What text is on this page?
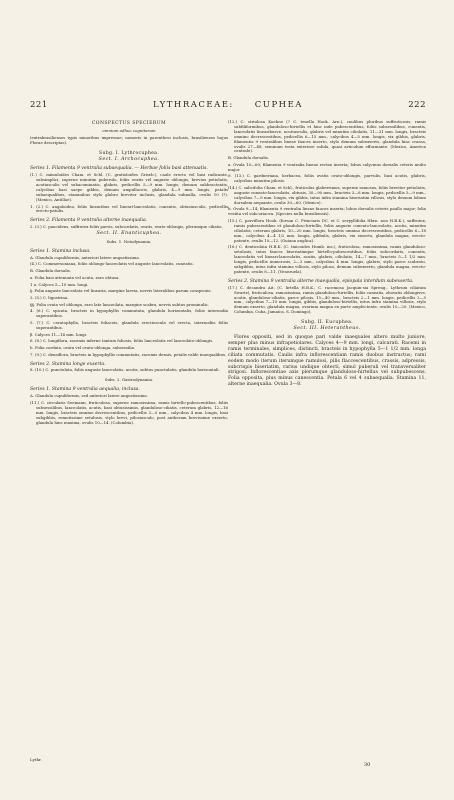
221	LYTHRACEAE: CUPHEA	222
CONSPECTUS SPECIERUM
omnium adhuc cognitarum

(extrabrasilienses typis minoribus impressae; numeris in parenthesi inclusis, brasilienses hujus Florae descriptas).

Subg. I. Lythrocuphea.
Sect. I. Archocuphea.
Series 1. Filamenta 9 ventralia subaequalia. — Herbae foliis basi attenuatis.

(1.) C. mimuloides Cham. et Schl. (C. gratioloides Griseb.), caule erecto vel basi radicante, subsimplici, superne minutim puberulo, foliis ovatis vel anguste oblongis, brevius petiolatis, acutiusculis vel subacuminatis, glabris, pedicellis 5—9 mm. longis, demum subbracteatis, calycibus basi saepe gibbis, demum ampullaceis, glabris, 4—9 mm. longis, petalis subaequalibus, staminibus stylo glabro breviter inclusis, glandula subnulla, ovulis 10 (?). (Mexico, Antillae).

1. (2.) C. angaloidea, foliis linearibus vel lineari-lanceolatis, cuneatis, obtusiusculis, pedicellis erecto-patulis.

Series 2. Filamenta 9 ventralia alterne inaequalia.

2. (3.) C. paucidens, suffrutex foliis parvis, subcordatis, ovatis, ovato-oblongis, plerumque ciliatis.

Sect. II. Enanticuphea.
Subs. 1. Notodynamia.
Series 1. Stamina inclusa.

A. Glandula cupuliformis, anteriori latere angustissima.

(4.) C. Commersoniana, foliis oblongo-lanceolatis vel anguste lanceolatis, cuneatis.

B. Glandula dorsalis.

a. Folia basi attenuata vel acuta, raro obtusa.

1 a. Calyces 5—10 mm. longi.

§. Folia anguste lanceolata vel linearia, margine laevia, nervis lateralibus parum conspicuis.

3. (5.) C. ligustrina.

§§. Folia ovata vel oblonga, raro late lanceolata, margine scabra, nervis subtus prominulis.

4. (6.) C. spicata, bracteis in hypophyllis commutata, glandula horizontalis, foliis internodia superantibus.

5. (7.) C. ceratophylla, bracteis foliaceis, glandula erectiuscula vel erecta, internodiis foliis superantibus.

β. Calyces 11—14 mm. longi.

6. (8.) C. longiflora, racemis inferne tantum foliosis, foliis lanceolatis vel lanceolato-oblongis.

b. Folia cordata, ovata vel ovato-oblonga, subsessilia.

7. (9.) C. densiflora, bracteis in hypophyllis commutatis, racemis densis, petalis valde inaequalibus.

Series 2. Stamina longe exserta.

8. (10.) C. punctulata, foliis anguste lanceolatis, acutis, subtus punctulatis, glandula horizontali.

Subs. 2. Gastrodynamia.
Series 1. Stamina 9 ventralia aequalia, inclusa.

A. Glandula cupuliformis, sed anteriori latere angustissima.

(11.) C. circularis Seemann, fruticulosa, superne ramosissima, ramis hirtello-pubescentibus, foliis subsessilibus, lanceolatis, acutis, basi obtusissimis, glanduloso-ciliatis, ceterum glabris, 12—16 mm. longis, bracteis omnino decrescentibus, pedicellis 3—5 mm., calycibus 4 mm. longis, basi subgibbis, remotissime setulosis, stylo brevi, pilosiusculo, post antheram brevissime exserto, glandula hinc maxima, ovulis 10—14. (Columbia).

(12.) C. striulosa Koehne (? C. tenella Hook. Arn.), caulibus pluribus suffruticosis, ramis subfiliformibus, glanduloso-hirtellis et hinc inde pubescentibus, foliis subsessilibus, cuneatis, lanceolatis linearibusve, acutiusculis, glabris vel minutim ciliolatis, 11—31 mm. longis, bracteis omnino decrescentibus, pedicellis 6—15 mm., calycibus 4—5 mm. longis, vix gibbis, glabris, filamentis 9 ventralibus lineae fauces inserto, stylo demum subexserto, glandula hinc crassa, ovulis 27—48, seminum testa exteriore solida, quasi articulum efformante. (Mexico, America centrale).

B. Glandula dorsalis.

a. Ovula 10—60; filamenta 9 ventralia lineae rectae inserta; lobus calycinus dorsalis ceteris multo major.

9. (13.) C. gardneriana, herbacea, foliis ovatis ovato-oblongis, parvulis, basi acutis, glabris, calycibus minutim pilosis.

(14.) C. salicifolia Cham. et Schl., fruticulus glaberrimus, superne ramosus, foliis breviter petiolatis, anguste cuneato-lanceolatis, obtusis, 30—90 mm., bracteis 3—8 mm. longis, pedicellis 5—9 mm., calycibus 7—9 mm. longis, vix gibbis, intus infra stamina biseriatim villosis, stylo demum lobum dorsalem aequante, ovulis 30—60. (Mexico).

b. Ovula 9—14; filamenta 9 ventralia lineae fauces inserta; lobus dorsalis ceteris paullo major; folia vestita vel subcoriacea. (Species nulla brasiliensis).

(15.) C. parviflora Hook. (forsan C. Princiaris DC. et C. serpyllifolia Hbrn. non H.B.K.), suffrutex, ramis pubescentibus et glanduloso-hirtellis, foliis anguste cuneato-lanceolatis, acutis, minutim ciliolatis, ceterum glabris, 10—20 mm. longis, bracteis omnino decrescentibus, pedicellis 6—18 mm., calycibus 4—4 1/2 mm. longis, gibbulis, glabris, vix exserto, glandula magna, erecto-patente, ovulis 10—12. (Guiana anglica).

(16.) C. denticulata H.B.K. (C. tinicoides Humb. ms.), fruticulosa, ramosissima, ramis glanduloso-setulosis, intus fauces biseriatimque hirtello-pubescentibus, foliis subcordatis, cuneatis, lanceolatis vel lineari-lanceolatis, acutis, glabris, ciliolatis, 14—7 mm., bracteis 5—1 1/2 mm. longis, pedicellis numerosis, 2—3 mm., calycibus 4 mm. longis, glabris, stylo parce scabrato, subgibbis, intus infra stamina villosis, stylo piloso, demum subexserto, glandula magna, erecto-patente, ovulis 8—11. (Venezuela).

Series 2. Stamina 9 ventralia alterne inaequalia, epiopala interdum subexserta.

(17.) C. decandra Ait. (C. lirtella H.B.K., C. racemosa Jacquin-sia Spreng., Lythrum ciliatum Swartz), fruticulosa, ramosissima, ramis glanduloso-hirtellis, foliis cuneatis, obovatis oblongisve, acutis, glanduloso-ciliatis, parce pilosis, 15—40 mm., bracteis 2—1 mm. longis, pedicellis 2—5 mm., calycibus 7—10 mm. longis, gibbis, glanduloso-hirtellis, intus infra stamina villosis, stylo demum exserto, glandula magna, ovarium magna ex parte amplectente, ovulis 10—20. (Mexico, Columbia, Cuba, Jamaica, S. Domingo).

Subg. II. Eucuphea.
Sect. III. Heterantheus.

Flores oppositi, sed in quoque pari valde inaequales altero multo juniore, semper plus minus infrapetiolares. Calyces 4—9 mm. longi, calcarati. Racemi in ramis terminales, simplices, distincti, bracteis in hypophylla 5—1 1/2 mm. longa ciliata commutatis. Caulis infra inflorescentiam ramis duobus instructus; rami eodem modo iterum iterumque ramulosi, pilis flaccescentibus, crassis, adpressis, subcrispis biseriatim, rarius undique obtecti, simul puberuli vel transversaliter strigosi. Inflorescentiae axis plerumque glanduloso-hirtellus vel subpubescens. Folia opposita, plus minus canescentia. Petala 6 vel 4 subaequalia. Stamina 11, alterne inaequalia. Ovula 3—8.

Lythr.
30
